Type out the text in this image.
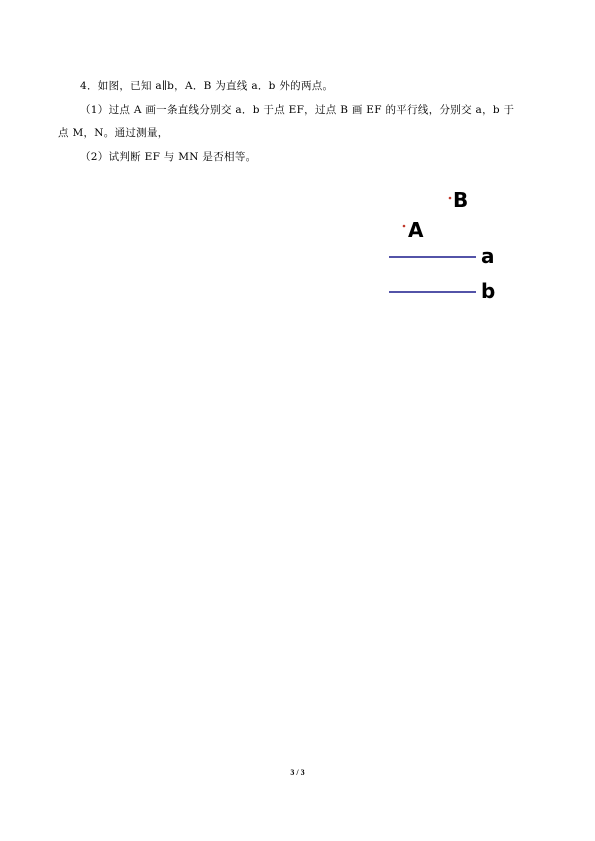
4．如图，已知 a∥b，A．B 为直线 a．b 外的两点。
（1）过点 A 画一条直线分别交 a．b 于点 EF，过点 B 画 EF 的平行线，分别交 a，b 于
点 M，N。通过测量，
（2）试判断 EF 与 MN 是否相等。
B
A
a
b
3 / 3
